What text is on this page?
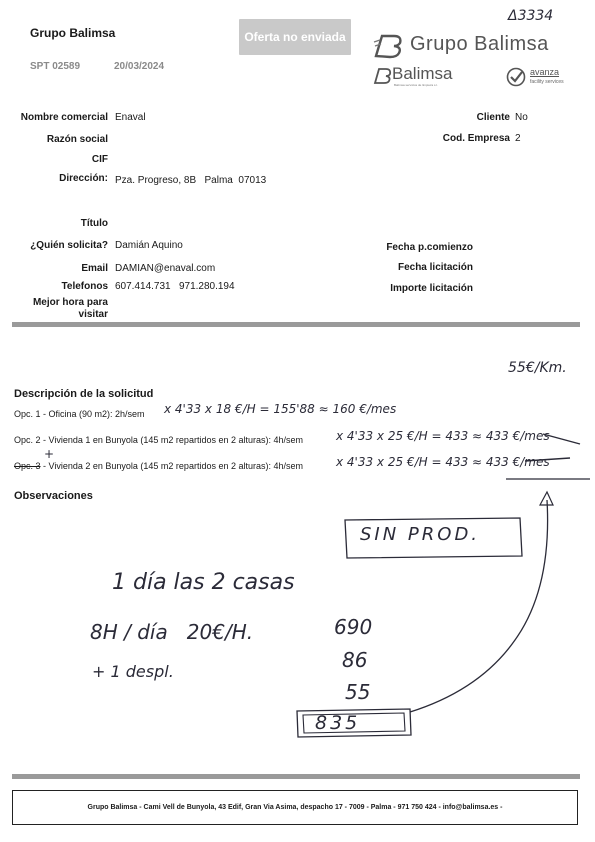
Grupo Balimsa
SPT 02589	20/03/2024
Oferta no enviada
Δ3334
Grupo Balimsa
Balimsa
Balimsa servicios de limpieza s.l.
avanza
facility services
Nombre comercial Enaval
Razón social
CIF
Dirección: Pza. Progreso, 8B   Palma  07013
Cliente No
Cod. Empresa 2
Título
¿Quién solicita? Damián Aquino
Email DAMIAN@enaval.com
Telefonos 607.414.731   971.280.194
Mejor hora para visitar
Fecha p.comienzo
Fecha licitación
Importe licitación
55€/Km.
Descripción de la solicitud
Opc. 1 - Oficina (90 m2): 2h/sem x 4'33 x 18 €/H = 155'88 ≈ 160 €/mes
+
Opc. 2 - Vivienda 1 en Bunyola (145 m2 repartidos en 2 alturas): 4h/sem	x 4'33 x 25 €/H = 433 ≈ 433 €/mes
Opc. 3 - Vivienda 2 en Bunyola (145 m2 repartidos en 2 alturas): 4h/sem	x 4'33 x 25 €/H = 433 ≈ 433 €/mes
Observaciones
SIN PROD.
1 día las 2 casas
8H / día   20€/H.
+ 1 despl.
690
86
55
835
Grupo Balimsa - Cami Vell de Bunyola, 43 Edif, Gran Via Asima, despacho 17 - 7009 - Palma - 971 750 424 - info@balimsa.es -
